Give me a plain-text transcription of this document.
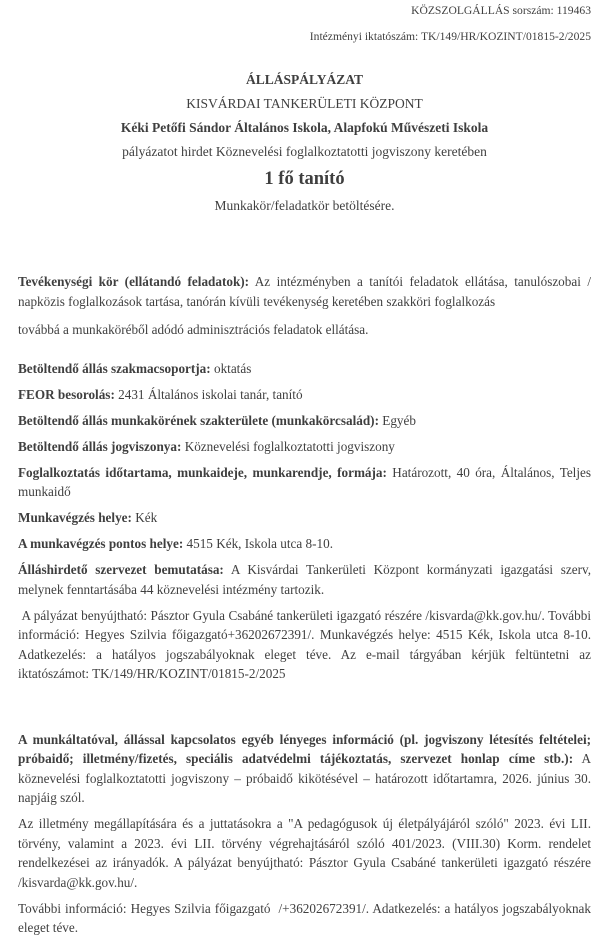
KÖZSZOLGÁLLÁS sorszám: 119463
Intézményi iktatószám: TK/149/HR/KOZINT/01815-2/2025
ÁLLÁSPÁLYÁZAT
KISVÁRDAI TANKERÜLETI KÖZPONT
Kéki Petőfi Sándor Általános Iskola, Alapfokú Művészeti Iskola
pályázatot hirdet Köznevelési foglalkoztatotti jogviszony keretében
1 fő tanító
Munkakör/feladatkör betöltésére.

Tevékenységi kör (ellátandó feladatok): Az intézményben a tanítói feladatok ellátása, tanulószobai / napközis foglalkozások tartása, tanórán kívüli tevékenység keretében szakköri foglalkozás

továbbá a munkaköréből adódó adminisztrációs feladatok ellátása.

Betöltendő állás szakmacsoportja: oktatás

FEOR besorolás: 2431 Általános iskolai tanár, tanító

Betöltendő állás munkakörének szakterülete (munkakörcsalád): Egyéb

Betöltendő állás jogviszonya: Köznevelési foglalkoztatotti jogviszony

Foglalkoztatás időtartama, munkaideje, munkarendje, formája: Határozott, 40 óra, Általános, Teljes munkaidő

Munkavégzés helye: Kék

A munkavégzés pontos helye: 4515 Kék, Iskola utca 8-10.

Álláshirdető szervezet bemutatása: A Kisvárdai Tankerületi Központ kormányzati igazgatási szerv, melynek fenntartásába 44 köznevelési intézmény tartozik.

A pályázat benyújtható: Pásztor Gyula Csabáné tankerületi igazgató részére /kisvarda@kk.gov.hu/. További információ: Hegyes Szilvia főigazgató+36202672391/. Munkavégzés helye: 4515 Kék, Iskola utca 8-10. Adatkezelés: a hatályos jogszabályoknak eleget téve. Az e-mail tárgyában kérjük feltüntetni az iktatószámot: TK/149/HR/KOZINT/01815-2/2025

A munkáltatóval, állással kapcsolatos egyéb lényeges információ (pl. jogviszony létesítés feltételei; próbaidő; illetmény/fizetés, speciális adatvédelmi tájékoztatás, szervezet honlap címe stb.): A köznevelési foglalkoztatotti jogviszony – próbaidő kikötésével – határozott időtartamra, 2026. június 30. napjáig szól.

Az illetmény megállapítására és a juttatásokra a "A pedagógusok új életpályájáról szóló" 2023. évi LII. törvény, valamint a 2023. évi LII. törvény végrehajtásáról szóló 401/2023. (VIII.30) Korm. rendelet rendelkezései az irányadók. A pályázat benyújtható: Pásztor Gyula Csabáné tankerületi igazgató részére /kisvarda@kk.gov.hu/.

További információ: Hegyes Szilvia főigazgató  /+36202672391/. Adatkezelés: a hatályos jogszabályoknak eleget téve.
